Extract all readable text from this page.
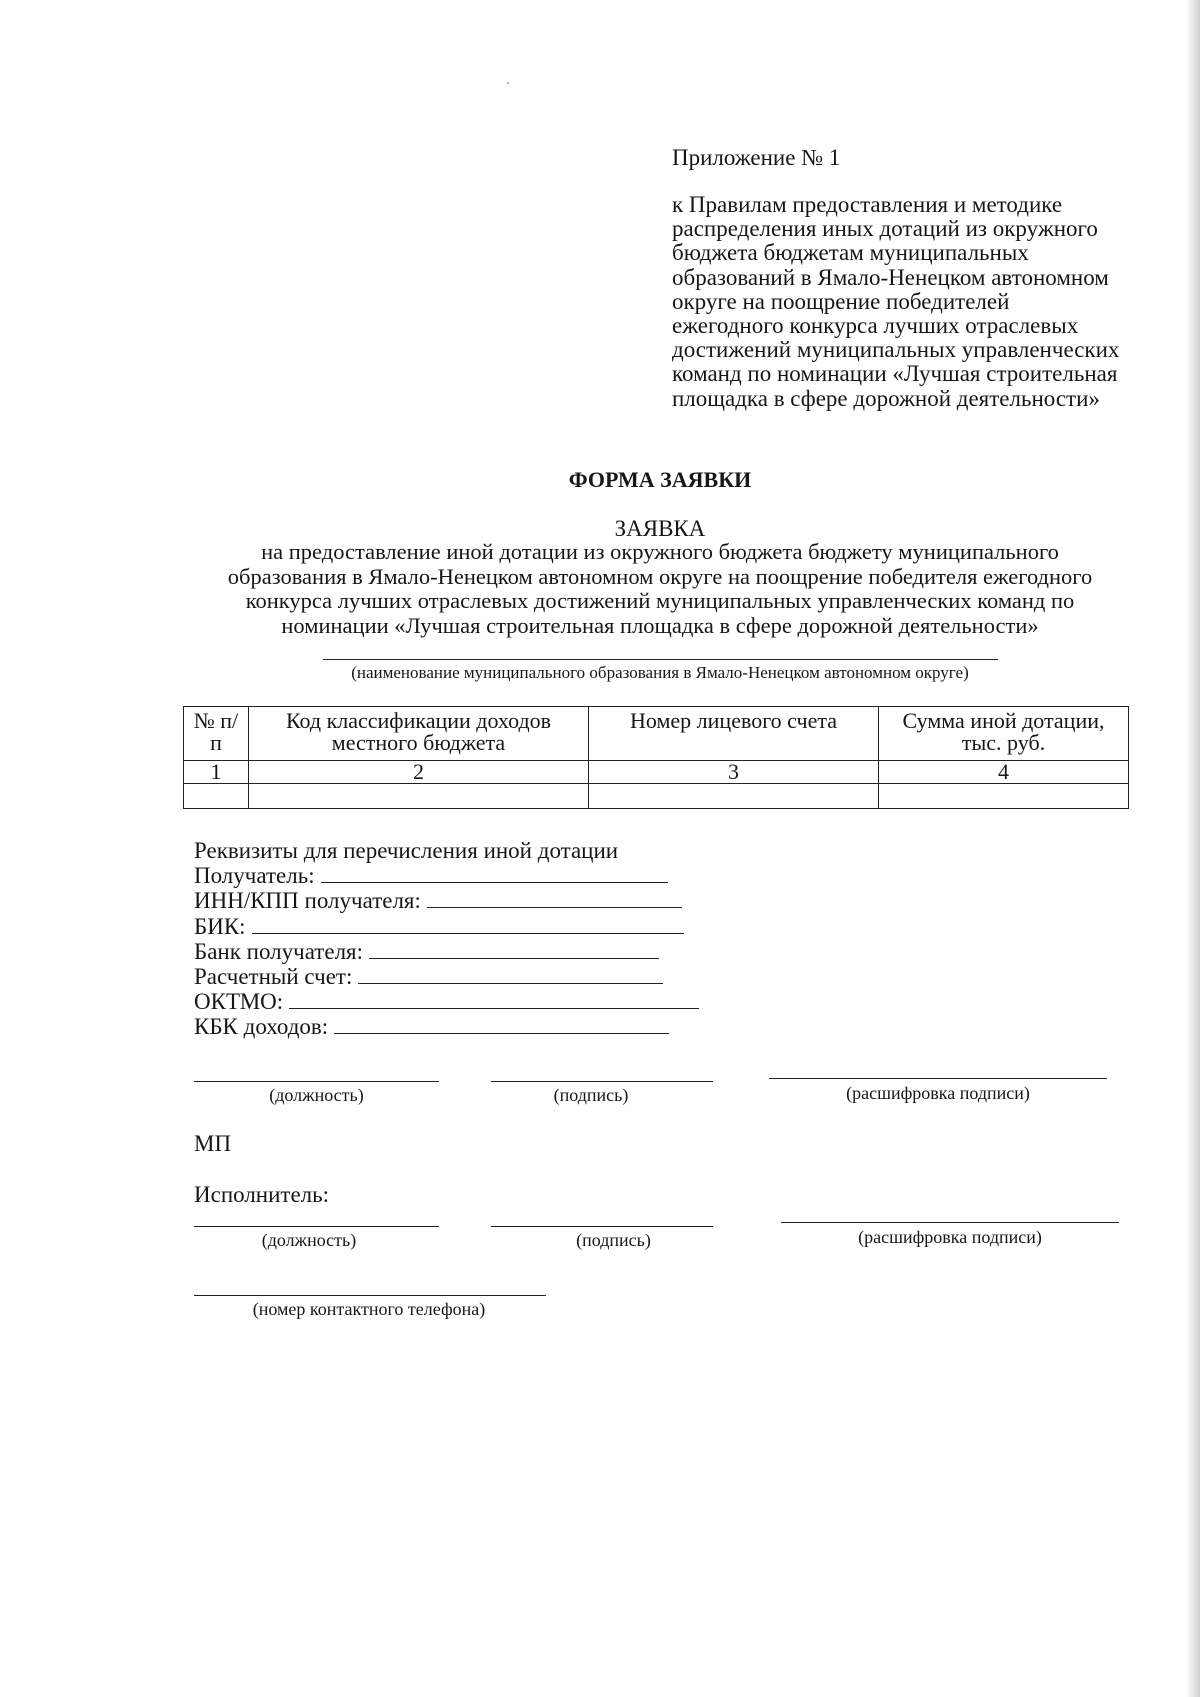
Приложение № 1
к Правилам предоставления и методике
распределения иных дотаций из окружного
бюджета бюджетам муниципальных
образований в Ямало-Ненецком автономном
округе на поощрение победителей
ежегодного конкурса лучших отраслевых
достижений муниципальных управленческих
команд по номинации «Лучшая строительная
площадка в сфере дорожной деятельности»
ФОРМА ЗАЯВКИ
ЗАЯВКА
на предоставление иной дотации из окружного бюджета бюджету муниципального
образования в Ямало-Ненецком автономном округе на поощрение победителя ежегодного
конкурса лучших отраслевых достижений муниципальных управленческих команд по
номинации «Лучшая строительная площадка в сфере дорожной деятельности»
(наименование муниципального образования в Ямало-Ненецком автономном округе)
№ п/п	Код классификации доходов местного бюджета	Номер лицевого счета	Сумма иной дотации, тыс. руб.
1	2	3	4

Реквизиты для перечисления иной дотации
Получатель:
ИНН/КПП получателя:
БИК:
Банк получателя:
Расчетный счет:
ОКТМО:
КБК доходов:
(должность)	(подпись)	(расшифровка подписи)
МП
Исполнитель:
(должность)	(подпись)	(расшифровка подписи)
(номер контактного телефона)
